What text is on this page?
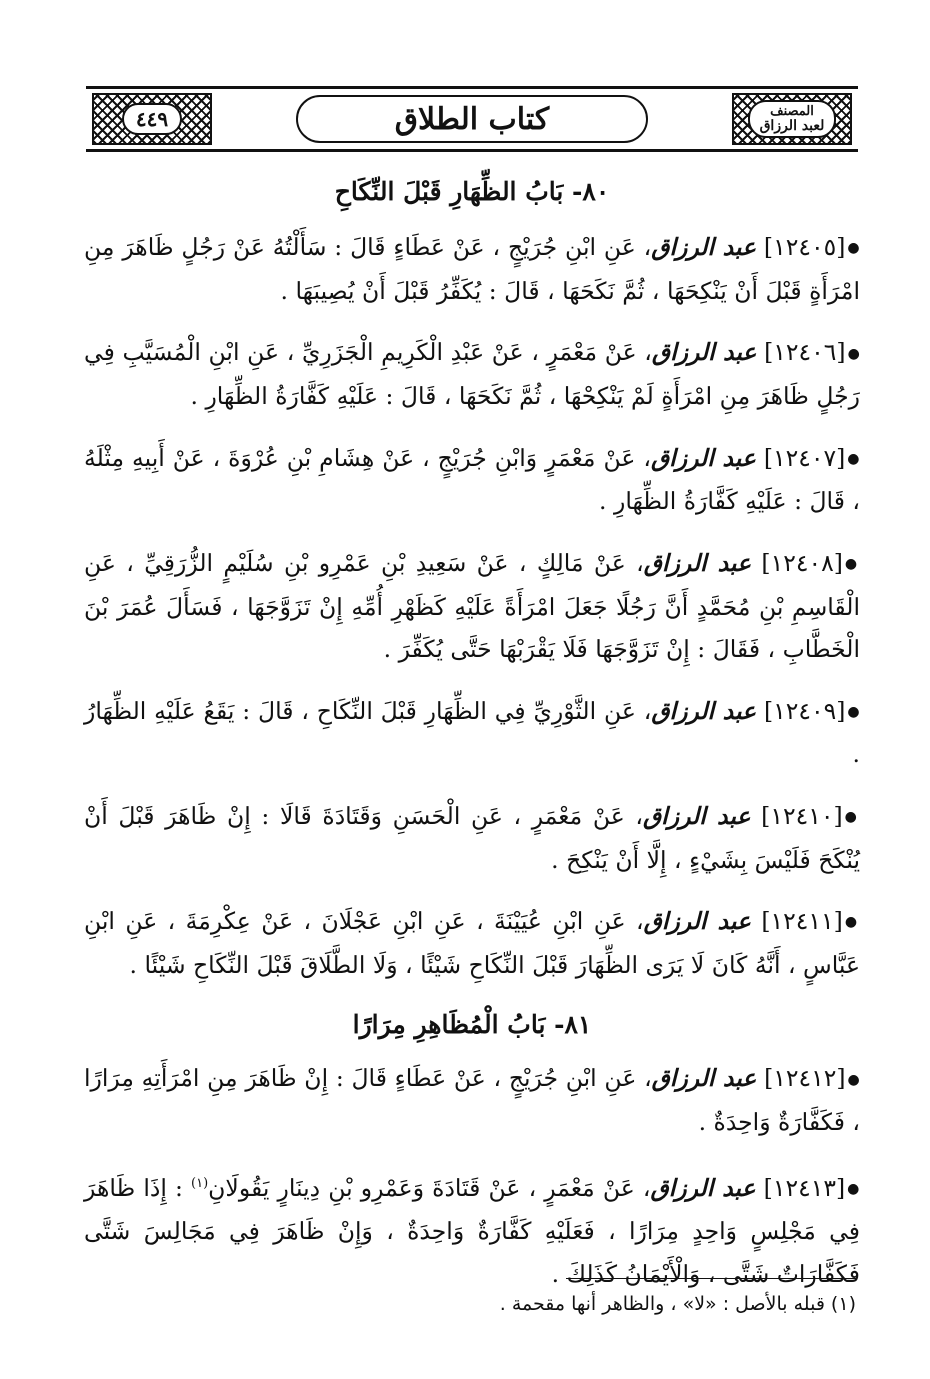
٤٤٩	كتاب الطلاق	المصنف
لعبد الرزاق
٨٠- بَابُ الظِّهَارِ قَبْلَ النِّكَاحِ

●[١٢٤٠٥] عبد الرزاق، عَنِ ابْنِ جُرَيْجٍ ، عَنْ عَطَاءٍ قَالَ : سَأَلْتُهُ عَنْ رَجُلٍ ظَاهَرَ مِنِ امْرَأَةٍ قَبْلَ أَنْ يَنْكِحَهَا ، ثُمَّ نَكَحَهَا ، قَالَ : يُكَفِّرُ قَبْلَ أَنْ يُصِيبَهَا .

●[١٢٤٠٦] عبد الرزاق، عَنْ مَعْمَرٍ ، عَنْ عَبْدِ الْكَرِيمِ الْجَزَرِيِّ ، عَنِ ابْنِ الْمُسَيَّبِ فِي رَجُلٍ ظَاهَرَ مِنِ امْرَأَةٍ لَمْ يَنْكِحْهَا ، ثُمَّ نَكَحَهَا ، قَالَ : عَلَيْهِ كَفَّارَةُ الظِّهَارِ .

●[١٢٤٠٧] عبد الرزاق، عَنْ مَعْمَرٍ وَابْنِ جُرَيْجٍ ، عَنْ هِشَامِ بْنِ عُرْوَةَ ، عَنْ أَبِيهِ مِثْلَهُ ، قَالَ : عَلَيْهِ كَفَّارَةُ الظِّهَارِ .

●[١٢٤٠٨] عبد الرزاق، عَنْ مَالِكٍ ، عَنْ سَعِيدِ بْنِ عَمْرِو بْنِ سُلَيْمٍ الزُّرَقِيِّ ، عَنِ الْقَاسِمِ بْنِ مُحَمَّدٍ أَنَّ رَجُلًا جَعَلَ امْرَأَةً عَلَيْهِ كَظَهْرِ أُمِّهِ إِنْ تَزَوَّجَهَا ، فَسَأَلَ عُمَرَ بْنَ الْخَطَّابِ ، فَقَالَ : إِنْ تَزَوَّجَهَا فَلَا يَقْرَبْهَا حَتَّى يُكَفِّرَ .

●[١٢٤٠٩] عبد الرزاق، عَنِ الثَّوْرِيِّ فِي الظِّهَارِ قَبْلَ النِّكَاحِ ، قَالَ : يَقَعُ عَلَيْهِ الظِّهَارُ .

●[١٢٤١٠] عبد الرزاق، عَنْ مَعْمَرٍ ، عَنِ الْحَسَنِ وَقَتَادَةَ قَالَا : إِنْ ظَاهَرَ قَبْلَ أَنْ يُنْكَحَ فَلَيْسَ بِشَيْءٍ ، إِلَّا أَنْ يَنْكِحَ .

●[١٢٤١١] عبد الرزاق، عَنِ ابْنِ عُيَيْنَةَ ، عَنِ ابْنِ عَجْلَانَ ، عَنْ عِكْرِمَةَ ، عَنِ ابْنِ عَبَّاسٍ ، أَنَّهُ كَانَ لَا يَرَى الظِّهَارَ قَبْلَ النِّكَاحِ شَيْئًا ، وَلَا الطَّلَاقَ قَبْلَ النِّكَاحِ شَيْئًا .

٨١- بَابُ الْمُظَاهِرِ مِرَارًا

●[١٢٤١٢] عبد الرزاق، عَنِ ابْنِ جُرَيْجٍ ، عَنْ عَطَاءٍ قَالَ : إِنْ ظَاهَرَ مِنِ امْرَأَتِهِ مِرَارًا ، فَكَفَّارَةٌ وَاحِدَةٌ .

●[١٢٤١٣] عبد الرزاق، عَنْ مَعْمَرٍ ، عَنْ قَتَادَةَ وَعَمْرِو بْنِ دِينَارٍ يَقُولَانِ$^{(١)}$ : إِذَا ظَاهَرَ فِي مَجْلِسٍ وَاحِدٍ مِرَارًا ، فَعَلَيْهِ كَفَّارَةٌ وَاحِدَةٌ ، وَإِنْ ظَاهَرَ فِي مَجَالِسَ شَتَّى فَكَفَّارَاتٌ شَتَّى ، وَالْأَيْمَانُ كَذَلِكَ .

(١) قبله بالأصل : «لا» ، والظاهر أنها مقحمة .
